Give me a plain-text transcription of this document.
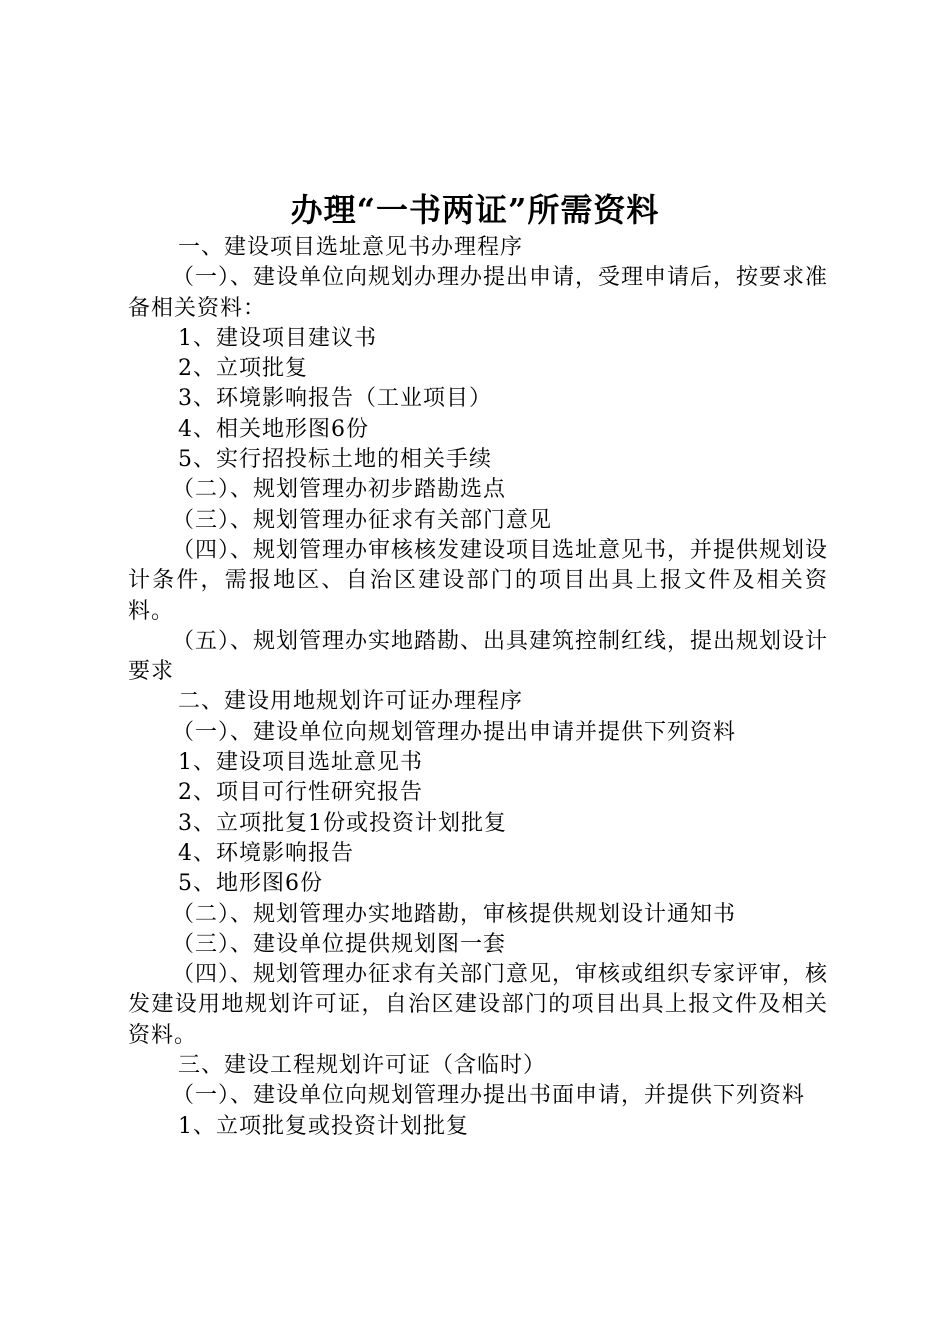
办理“一书两证”所需资料

一、建设项目选址意见书办理程序

（一）、建设单位向规划办理办提出申请，受理申请后，按要求准备相关资料：

1、建设项目建议书

2、立项批复

3、环境影响报告（工业项目）

4、相关地形图6份

5、实行招投标土地的相关手续

（二）、规划管理办初步踏勘选点

（三）、规划管理办征求有关部门意见

（四）、规划管理办审核核发建设项目选址意见书，并提供规划设计条件，需报地区、自治区建设部门的项目出具上报文件及相关资料。

（五）、规划管理办实地踏勘、出具建筑控制红线，提出规划设计要求

二、建设用地规划许可证办理程序

（一）、建设单位向规划管理办提出申请并提供下列资料

1、建设项目选址意见书

2、项目可行性研究报告

3、立项批复1份或投资计划批复

4、环境影响报告

5、地形图6份

（二）、规划管理办实地踏勘，审核提供规划设计通知书

（三）、建设单位提供规划图一套

（四）、规划管理办征求有关部门意见，审核或组织专家评审，核发建设用地规划许可证，自治区建设部门的项目出具上报文件及相关资料。

三、建设工程规划许可证（含临时）

（一）、建设单位向规划管理办提出书面申请，并提供下列资料

1、立项批复或投资计划批复
